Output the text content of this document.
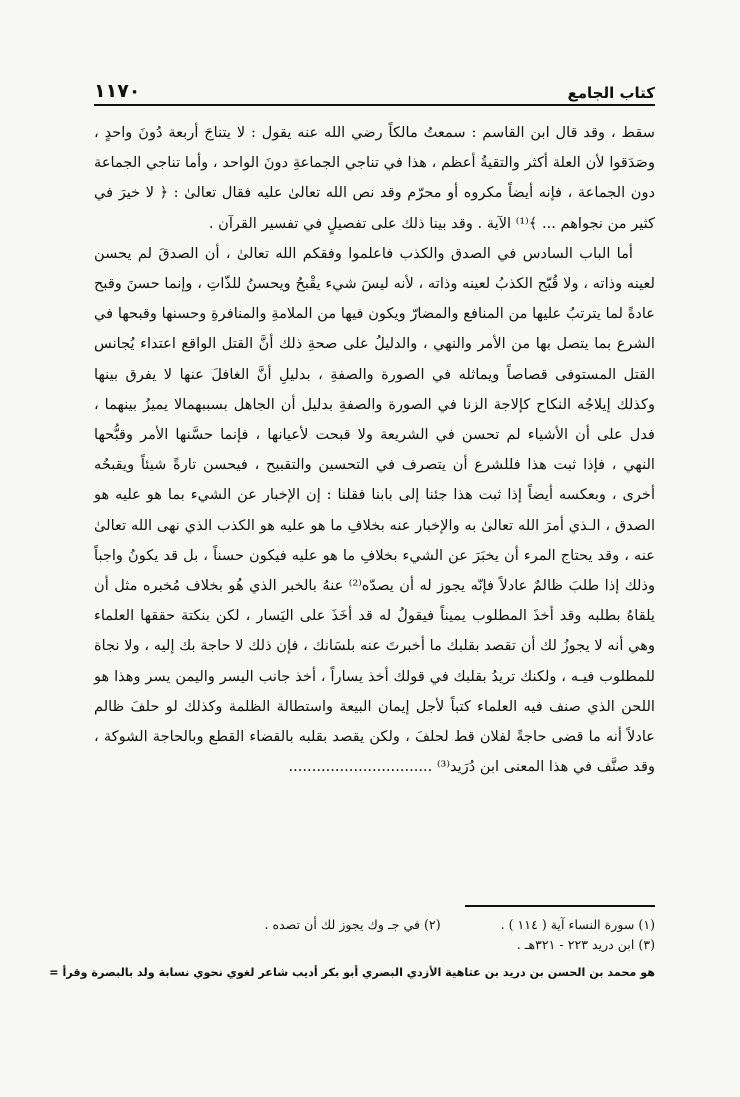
١١٧٠	كتاب الجامع

سقط ، وقد قال ابن القاسم : سمعتُ مالكاً رضي الله عنه يقول : لا يتناجَ أربعة دُونَ واحدٍ ، وصَدَقوا لأن العلة أكثر والتقيةُ أعظم ، هذا في تناجي الجماعةِ دونَ الواحد ، وأما تناجي الجماعة دون الجماعة ، فإنه أيضاً مكروه أو محرّم وقد نص الله تعالىٰ عليه فقال تعالىٰ : ﴿ لا خيرَ في كثير من نجواهم ... ﴾⁽¹⁾ الآية . وقد بينا ذلك على تفصيلٍ في تفسير القرآن .

أما الباب السادس في الصدق والكذب فاعلموا وفقكم الله تعالىٰ ، أن الصدقَ لم يحسن لعينه وذاته ، ولا قُبّح الكذبُ لعينه وذاته ، لأنه ليسَ شيء يقْبحُ ويحسنُ للذّاتِ ، وإنما حسنَ وقبح عادةً لما يترتبُ عليها من المنافع والمضارّ ويكون فيها من الملامةِ والمنافرةِ وحسنها وقبحها في الشرع بما يتصل بها من الأمر والنهي ، والدليلُ على صحةِ ذلك أنَّ القتل الواقع اعتداء يُجانس القتل المستوفى قصاصاً ويماثله في الصورة والصفةِ ، بدليلِ أنَّ الغافلَ عنها لا يفرق بينها وكذلك إيلاجُه النكاح كإلاجة الزنا في الصورة والصفةِ بدليل أن الجاهل بسببهمالا يميزُ بينهما ، فدل على أن الأشياء لم تحسن في الشريعة ولا قبحت لأعيانها ، فإنما حسَّنها الأمر وقبُّحها النهي ، فإذا ثبت هذا فللشرع أن يتصرف في التحسين والتقبيح ، فيحسن تارةً شيئاً ويقبحُه أخرى ، وبعكسه أيضاً إذا ثبت هذا جئنا إلى بابنا فقلنا : إن الإخبار عن الشيء بما هو عليه هو الصدق ، الـذي أمرَ الله تعالىٰ به والإخبار عنه بخلافِ ما هو عليه هو الكذب الذي نهى الله تعالىٰ عنه ، وقد يحتاج المرء أن يخبَرَ عن الشيء بخلافِ ما هو عليه فيكون حسناً ، بل قد يكونُ واجباً وذلك إذا طلبَ ظالمٌ عادلاً فإنّه يجوز له أن يصدّه⁽²⁾ عنهُ بالخبر الذي هُو بخلاف مُخبره مثل أن يلقاهُ بطلبه وقد أخذَ المطلوب يميناً فيقولُ له قد أخَذَ على اليَسار ، لكن بنكتة حققها العلماء وهي أنه لا يجوزُ لك أن تقصد بقلبك ما أخبرتَ عنه بلسَانك ، فإن ذلك لا حاجة بك إليه ، ولا نجاة للمطلوب فيـه ، ولكنك تريدُ بقلبك في قولك أخذ يساراً ، أخذ جانب اليسر واليمن يسر وهذا هو اللحن الذي صنف فيه العلماء كتباً لأجل إيمان البيعة واستطالة الظلمة وكذلك لو حلفَ ظالم عادلاً أنه ما قضى حاجةً لفلان قط لحلفَ ، ولكن يقصد بقلبه بالقضاء القطع وبالحاجة الشوكة ، وقد صنَّف في هذا المعنى ابن دُرَيد⁽³⁾ ...............................

(١) سورة النساء آية ( ١١٤ ) .
(٢) في جـ وك يجوز لك أن تصده .
(٣) ابن دريد ٢٢٣ - ٣٢١هـ .
هو محمد بن الحسن بن دريد بن عتاهية الأزدي البصري أبو بكر أديب شاعر لغوي نحوي نسابة ولد بالبصرة وقرأ =
